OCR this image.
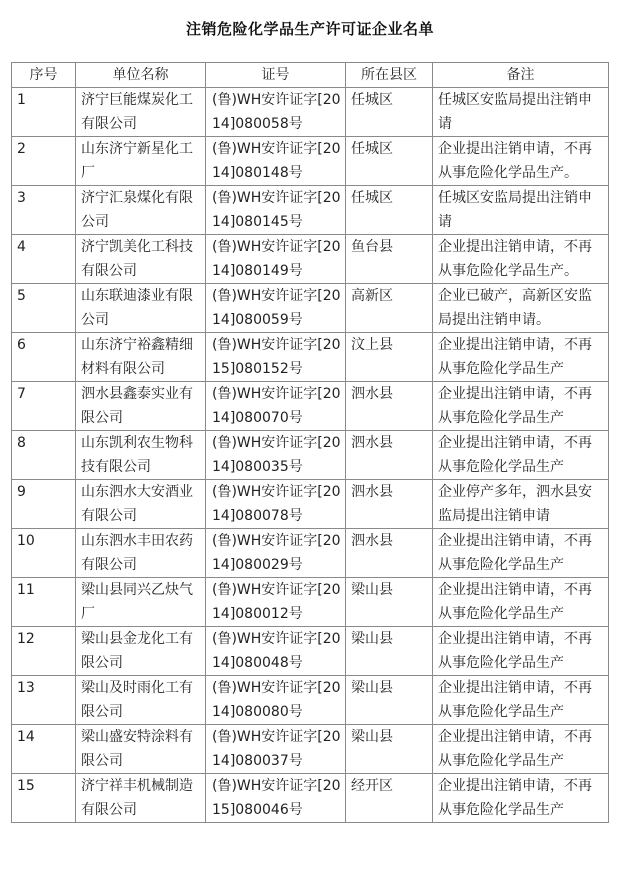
注销危险化学品生产许可证企业名单
序号	单位名称	证号	所在县区	备注
1	济宁巨能煤炭化工有限公司	(鲁)WH安许证字[2014]080058号	任城区	任城区安监局提出注销申请
2	山东济宁新星化工厂	(鲁)WH安许证字[2014]080148号	任城区	企业提出注销申请，不再从事危险化学品生产。
3	济宁汇泉煤化有限公司	(鲁)WH安许证字[2014]080145号	任城区	任城区安监局提出注销申请
4	济宁凯美化工科技有限公司	(鲁)WH安许证字[2014]080149号	鱼台县	企业提出注销申请，不再从事危险化学品生产。
5	山东联迪漆业有限公司	(鲁)WH安许证字[2014]080059号	高新区	企业已破产，高新区安监局提出注销申请。
6	山东济宁裕鑫精细材料有限公司	(鲁)WH安许证字[2015]080152号	汶上县	企业提出注销申请，不再从事危险化学品生产
7	泗水县鑫泰实业有限公司	(鲁)WH安许证字[2014]080070号	泗水县	企业提出注销申请，不再从事危险化学品生产
8	山东凯利农生物科技有限公司	(鲁)WH安许证字[2014]080035号	泗水县	企业提出注销申请，不再从事危险化学品生产
9	山东泗水大安酒业有限公司	(鲁)WH安许证字[2014]080078号	泗水县	企业停产多年，泗水县安监局提出注销申请
10	山东泗水丰田农药有限公司	(鲁)WH安许证字[2014]080029号	泗水县	企业提出注销申请，不再从事危险化学品生产
11	梁山县同兴乙炔气厂	(鲁)WH安许证字[2014]080012号	梁山县	企业提出注销申请，不再从事危险化学品生产
12	梁山县金龙化工有限公司	(鲁)WH安许证字[2014]080048号	梁山县	企业提出注销申请，不再从事危险化学品生产
13	梁山及时雨化工有限公司	(鲁)WH安许证字[2014]080080号	梁山县	企业提出注销申请，不再从事危险化学品生产
14	梁山盛安特涂料有限公司	(鲁)WH安许证字[2014]080037号	梁山县	企业提出注销申请，不再从事危险化学品生产
15	济宁祥丰机械制造有限公司	(鲁)WH安许证字[2015]080046号	经开区	企业提出注销申请，不再从事危险化学品生产
